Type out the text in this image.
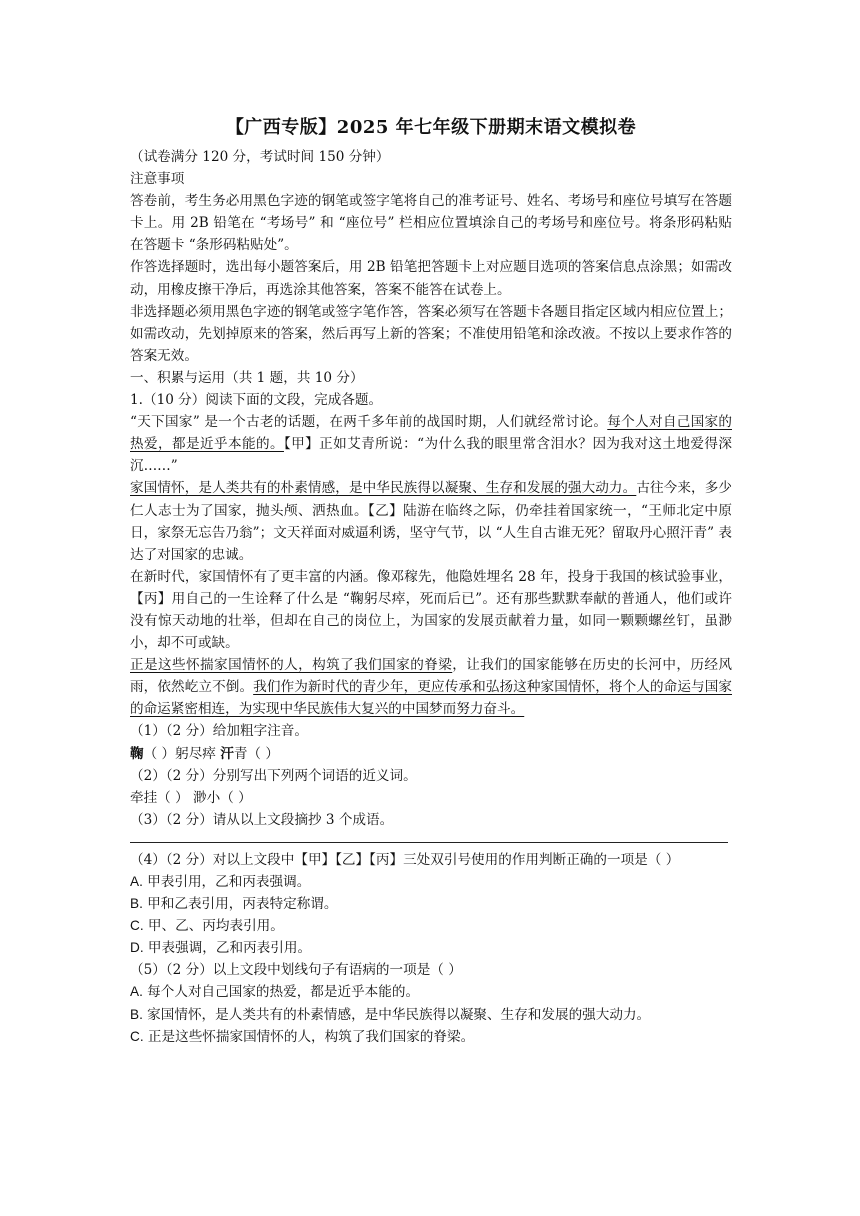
【广西专版】2025 年七年级下册期末语文模拟卷

（试卷满分 120 分，考试时间 150 分钟）

注意事项

答卷前，考生务必用黑色字迹的钢笔或签字笔将自己的准考证号、姓名、考场号和座位号填写在答题卡上。用 2B 铅笔在 “考场号” 和 “座位号” 栏相应位置填涂自己的考场号和座位号。将条形码粘贴在答题卡 “条形码粘贴处”。

作答选择题时，选出每小题答案后，用 2B 铅笔把答题卡上对应题目选项的答案信息点涂黑；如需改动，用橡皮擦干净后，再选涂其他答案，答案不能答在试卷上。

非选择题必须用黑色字迹的钢笔或签字笔作答，答案必须写在答题卡各题目指定区域内相应位置上；如需改动，先划掉原来的答案，然后再写上新的答案；不准使用铅笔和涂改液。不按以上要求作答的答案无效。

一、积累与运用（共 1 题，共 10 分）

1.（10 分）阅读下面的文段，完成各题。

“天下国家” 是一个古老的话题，在两千多年前的战国时期，人们就经常讨论。每个人对自己国家的热爱，都是近乎本能的。【甲】正如艾青所说：“为什么我的眼里常含泪水？因为我对这土地爱得深沉……”

家国情怀，是人类共有的朴素情感，是中华民族得以凝聚、生存和发展的强大动力。古往今来，多少仁人志士为了国家，抛头颅、洒热血。【乙】陆游在临终之际，仍牵挂着国家统一，“王师北定中原日，家祭无忘告乃翁”；文天祥面对威逼利诱，坚守气节，以 “人生自古谁无死？留取丹心照汗青” 表达了对国家的忠诚。

在新时代，家国情怀有了更丰富的内涵。像邓稼先，他隐姓埋名 28 年，投身于我国的核试验事业，【丙】用自己的一生诠释了什么是 “鞠躬尽瘁，死而后已”。还有那些默默奉献的普通人，他们或许没有惊天动地的壮举，但却在自己的岗位上，为国家的发展贡献着力量，如同一颗颗螺丝钉，虽渺小，却不可或缺。

正是这些怀揣家国情怀的人，构筑了我们国家的脊梁，让我们的国家能够在历史的长河中，历经风雨，依然屹立不倒。我们作为新时代的青少年，更应传承和弘扬这种家国情怀，将个人的命运与国家的命运紧密相连，为实现中华民族伟大复兴的中国梦而努力奋斗。

（1）（2 分）给加粗字注音。

鞠（ ）躬尽瘁 汗青（ ）

（2）（2 分）分别写出下列两个词语的近义词。

牵挂（ ） 渺小（ ）

（3）（2 分）请从以上文段摘抄 3 个成语。

（4）（2 分）对以上文段中【甲】【乙】【丙】三处双引号使用的作用判断正确的一项是（ ）

A. 甲表引用，乙和丙表强调。

B. 甲和乙表引用，丙表特定称谓。

C. 甲、乙、丙均表引用。

D. 甲表强调，乙和丙表引用。

（5）（2 分）以上文段中划线句子有语病的一项是（ ）

A. 每个人对自己国家的热爱，都是近乎本能的。

B. 家国情怀，是人类共有的朴素情感，是中华民族得以凝聚、生存和发展的强大动力。

C. 正是这些怀揣家国情怀的人，构筑了我们国家的脊梁。
